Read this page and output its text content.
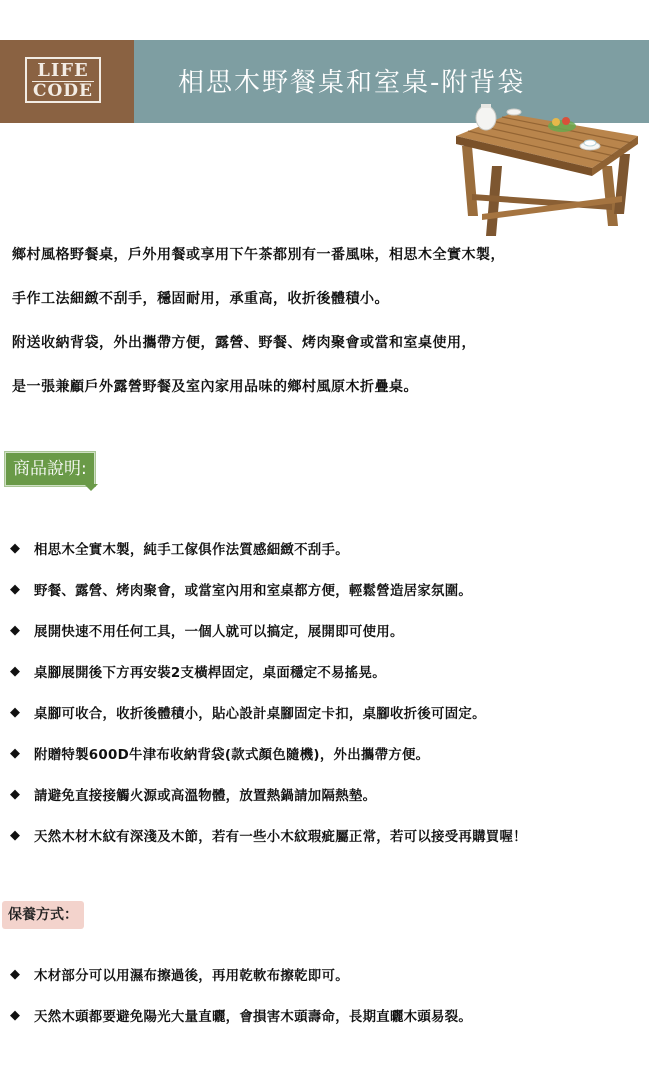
LIFE
CODE	相思木野餐桌和室桌-附背袋
鄉村風格野餐桌，戶外用餐或享用下午茶都別有一番風味，相思木全實木製，
手作工法細緻不刮手，穩固耐用，承重高，收折後體積小。
附送收納背袋，外出攜帶方便，露營、野餐、烤肉聚會或當和室桌使用，
是一張兼顧戶外露營野餐及室內家用品味的鄉村風原木折疊桌。
商品說明:
◆	相思木全實木製，純手工傢俱作法質感細緻不刮手。
◆	野餐、露營、烤肉聚會，或當室內用和室桌都方便，輕鬆營造居家氛圍。
◆	展開快速不用任何工具，一個人就可以搞定，展開即可使用。
◆	桌腳展開後下方再安裝2支橫桿固定，桌面穩定不易搖晃。
◆	桌腳可收合，收折後體積小，貼心設計桌腳固定卡扣，桌腳收折後可固定。
◆	附贈特製600D牛津布收納背袋(款式顏色隨機)，外出攜帶方便。
◆	請避免直接接觸火源或高溫物體，放置熱鍋請加隔熱墊。
◆	天然木材木紋有深淺及木節，若有一些小木紋瑕疵屬正常，若可以接受再購買喔！
保養方式：
◆	木材部分可以用濕布擦過後，再用乾軟布擦乾即可。
◆	天然木頭都要避免陽光大量直曬，會損害木頭壽命，長期直曬木頭易裂。
